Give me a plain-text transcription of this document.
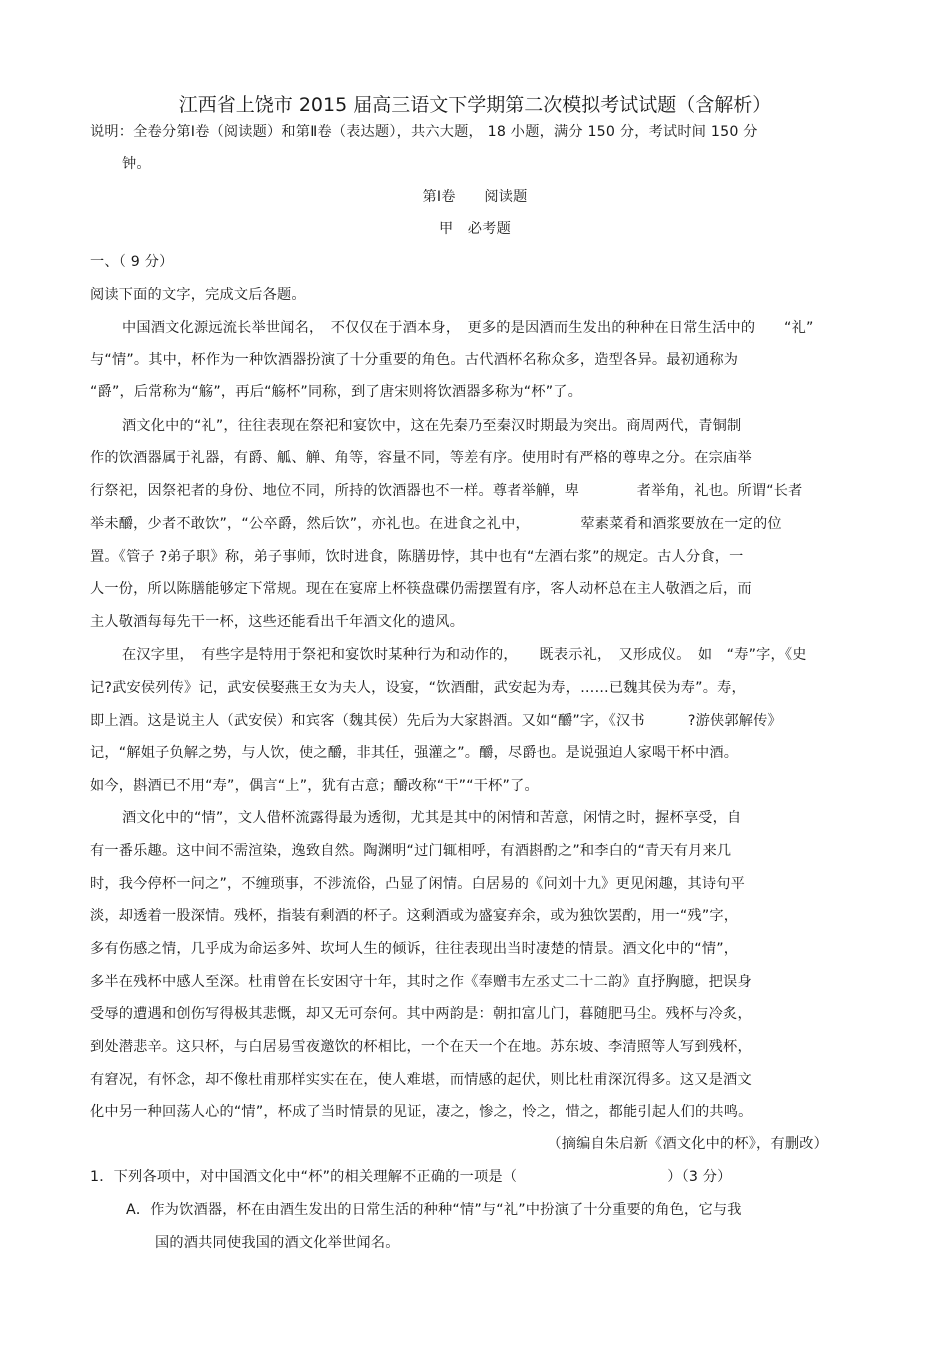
江西省上饶市 2015 届高三语文下学期第二次模拟考试试题（含解析）
说明：全卷分第Ⅰ卷（阅读题）和第Ⅱ卷（表达题），共六大题， 18 小题，满分 150 分，考试时间 150 分
钟。
第Ⅰ卷　　阅读题
甲　必考题
一、（ 9 分）
阅读下面的文字，完成文后各题。
中国酒文化源远流长举世闻名，　不仅仅在于酒本身，　更多的是因酒而生发出的种种在日常生活中的　　“礼”
与“情”。其中，杯作为一种饮酒器扮演了十分重要的角色。古代酒杯名称众多，造型各异。最初通称为
“爵”，后常称为“觞”，再后“觞杯”同称，到了唐宋则将饮酒器多称为“杯”了。
酒文化中的“礼”，往往表现在祭祀和宴饮中，这在先秦乃至秦汉时期最为突出。商周两代，青铜制
作的饮酒器属于礼器，有爵、觚、觯、角等，容量不同，等差有序。使用时有严格的尊卑之分。在宗庙举
行祭祀，因祭祀者的身份、地位不同，所持的饮酒器也不一样。尊者举觯，卑　　　　者举角，礼也。所谓“长者
举未釂，少者不敢饮”，“公卒爵，然后饮”，亦礼也。在进食之礼中，　　　　荤素菜肴和酒浆要放在一定的位
置。《管子 ?弟子职》称，弟子事师，饮时进食，陈膳毋悖，其中也有“左酒右浆”的规定。古人分食，一
人一份，所以陈膳能够定下常规。现在在宴席上杯筷盘碟仍需摆置有序，客人动杯总在主人敬酒之后，而
主人敬酒每每先干一杯，这些还能看出千年酒文化的遗风。
在汉字里，　有些字是特用于祭祀和宴饮时某种行为和动作的，　　既表示礼，　又形成仪。　如　“寿”字，《史
记?武安侯列传》记，武安侯娶燕王女为夫人，设宴，“饮酒酣，武安起为寿，……已魏其侯为寿”。寿，
即上酒。这是说主人（武安侯）和宾客（魏其侯）先后为大家斟酒。又如“釂”字，《汉书　　　?游侠郭解传》
记，“解姐子负解之势，与人饮，使之釂，非其任，强灌之”。釂，尽爵也。是说强迫人家喝干杯中酒。
如今，斟酒已不用“寿”，偶言“上”，犹有古意；釂改称“干”“干杯”了。
酒文化中的“情”，文人借杯流露得最为透彻，尤其是其中的闲情和苦意，闲情之时，握杯享受，自
有一番乐趣。这中间不需渲染，逸致自然。陶渊明“过门辄相呼，有酒斟酌之”和李白的“青天有月来几
时，我今停杯一问之”，不缠琐事，不涉流俗，凸显了闲情。白居易的《问刘十九》更见闲趣，其诗句平
淡，却透着一股深情。残杯，指装有剩酒的杯子。这剩酒或为盛宴弃余，或为独饮罢酌，用一“残”字，
多有伤感之情，几乎成为命运多舛、坎坷人生的倾诉，往往表现出当时凄楚的情景。酒文化中的“情”，
多半在残杯中感人至深。杜甫曾在长安困守十年，其时之作《奉赠韦左丞丈二十二韵》直抒胸臆，把误身
受辱的遭遇和创伤写得极其悲慨，却又无可奈何。其中两韵是：朝扣富儿门，暮随肥马尘。残杯与冷炙，
到处潜悲辛。这只杯，与白居易雪夜邀饮的杯相比，一个在天一个在地。苏东坡、李清照等人写到残杯，
有窘况，有怀念，却不像杜甫那样实实在在，使人难堪，而情感的起伏，则比杜甫深沉得多。这又是酒文
化中另一种回荡人心的“情”，杯成了当时情景的见证，凄之，惨之，怜之，惜之，都能引起人们的共鸣。
（摘编自朱启新《酒文化中的杯》，有删改）
1．下列各项中，对中国酒文化中“杯”的相关理解不正确的一项是（	）（3 分）
A．作为饮酒器，杯在由酒生发出的日常生活的种种“情”与“礼”中扮演了十分重要的角色，它与我
国的酒共同使我国的酒文化举世闻名。
